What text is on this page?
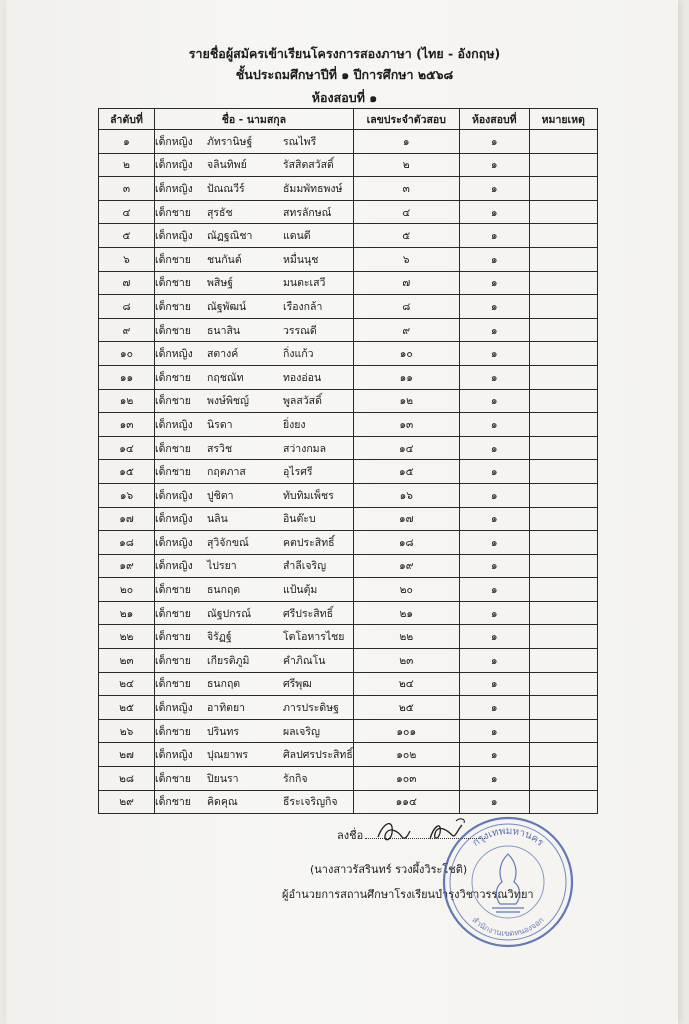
รายชื่อผู้สมัครเข้าเรียนโครงการสองภาษา (ไทย - อังกฤษ)
ชั้นประถมศึกษาปีที่ ๑ ปีการศึกษา ๒๕๖๘
ห้องสอบที่ ๑
ลำดับที่	ชื่อ - นามสกุล	เลขประจำตัวสอบ	ห้องสอบที่	หมายเหตุ
๑	เด็กหญิง ภัทรานิษฐ์ รณไพรี	๑	๑	
๒	เด็กหญิง จลินทิพย์ รัสสิตสวัสดิ์	๒	๑	
๓	เด็กหญิง ปัณณวีร์ ธัมมพัทธพงษ์	๓	๑	
๔	เด็กชาย สุรธัช สทรลักษณ์	๔	๑	
๕	เด็กหญิง ณัฏฐณิชา แดนดี	๕	๑	
๖	เด็กชาย ชนกันต์ หมื่นนุช	๖	๑	
๗	เด็กชาย พสิษฐ์ มนตะเสวี	๗	๑	
๘	เด็กชาย ณัฐพัฒน์ เรืองกล้า	๘	๑	
๙	เด็กชาย ธนาสิน วรรณดี	๙	๑	
๑๐	เด็กหญิง สตางค์ กิ่งแก้ว	๑๐	๑	
๑๑	เด็กชาย กฤชณัท ทองอ่อน	๑๑	๑	
๑๒	เด็กชาย พงษ์พิชญ์ พูลสวัสดิ์	๑๒	๑	
๑๓	เด็กหญิง นิรดา ยิ่งยง	๑๓	๑	
๑๔	เด็กชาย สรวิช สว่างกมล	๑๔	๑	
๑๕	เด็กชาย กฤตภาส อุไรศรี	๑๕	๑	
๑๖	เด็กหญิง ปูชิตา ทับทิมเพ็ชร	๑๖	๑	
๑๗	เด็กหญิง นลิน อินต๊ะบ	๑๗	๑	
๑๘	เด็กหญิง สุวิจักขณ์ คตประสิทธิ์	๑๘	๑	
๑๙	เด็กหญิง ไปรยา สำลีเจริญ	๑๙	๑	
๒๐	เด็กชาย ธนกฤต แป้นตุ้ม	๒๐	๑	
๒๑	เด็กชาย ณัฐปกรณ์ ศรีประสิทธิ์	๒๑	๑	
๒๒	เด็กชาย จิรัฏฐ์ โตโอหารไชย	๒๒	๑	
๒๓	เด็กชาย เกียรติภูมิ คำภิณโน	๒๓	๑	
๒๔	เด็กชาย ธนกฤต ศรีพุฒ	๒๔	๑	
๒๕	เด็กหญิง อาทิตยา ภารประดิษฐ	๒๕	๑	
๒๖	เด็กชาย ปรินทร ผลเจริญ	๑๐๑	๑	
๒๗	เด็กหญิง ปุณยาพร ศิลปศรประสิทธิ์	๑๐๒	๑	
๒๘	เด็กชาย ปิยนรา รักกิจ	๑๐๓	๑	
๒๙	เด็กชาย คิดคุณ ธีระเจริญกิจ	๑๑๔	๑	
ลงชื่อ
(นางสาวรัสรินทร์ รวงผึ้งวิระโชติ)
ผู้อำนวยการสถานศึกษาโรงเรียนบำรุงวิชาวรรณวิทยา
กรุงเทพมหานคร
สำนักงานเขตหนองจอก
